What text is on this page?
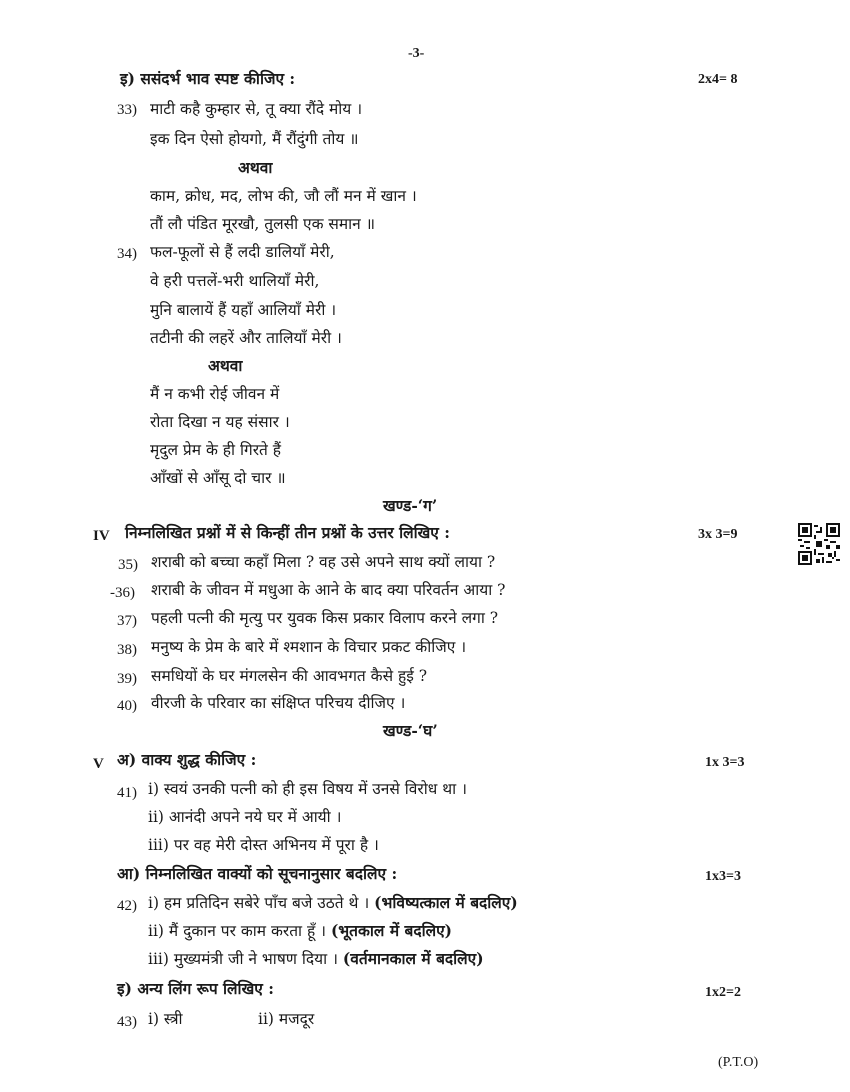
-3-
इ) ससंदर्भ भाव स्पष्ट कीजिए :	2x4= 8
33) माटी कहै कुम्हार से, तू क्या रौंदे मोय ।
इक दिन ऐसो होयगो, मैं रौंदुंगी तोय ॥
अथवा
काम, क्रोध, मद, लोभ की, जौ लौं मन में खान ।
तौं लौ पंडित मूरखौ, तुलसी एक समान ॥
34) फल-फूलों से हैं लदी डालियाँ मेरी,
वे हरी पत्तलें-भरी थालियाँ मेरी,
मुनि बालायें हैं यहाँ आलियाँ मेरी ।
तटीनी की लहरें और तालियाँ मेरी ।
अथवा
मैं न कभी रोई जीवन में
रोता दिखा न यह संसार ।
मृदुल प्रेम के ही गिरते हैं
आँखों से आँसू दो चार ॥
खण्ड-‘ग’
IV निम्नलिखित प्रश्नों में से किन्हीं तीन प्रश्नों के उत्तर लिखिए :	3x 3=9
35) शराबी को बच्चा कहाँ मिला ? वह उसे अपने साथ क्यों लाया ?
-36) शराबी के जीवन में मधुआ के आने के बाद क्या परिवर्तन आया ?
37) पहली पत्नी की मृत्यु पर युवक किस प्रकार विलाप करने लगा ?
38) मनुष्य के प्रेम के बारे में श्मशान के विचार प्रकट कीजिए ।
39) समधियों के घर मंगलसेन की आवभगत कैसे हुई ?
40) वीरजी के परिवार का संक्षिप्त परिचय दीजिए ।
खण्ड-‘घ’
V अ) वाक्य शुद्ध कीजिए :	1x 3=3
41) i) स्वयं उनकी पत्नी को ही इस विषय में उनसे विरोध था ।
ii) आनंदी अपने नये घर में आयी ।
iii) पर वह मेरी दोस्त अभिनय में पूरा है ।
आ) निम्नलिखित वाक्यों को सूचनानुसार बदलिए :	1x3=3
42) i) हम प्रतिदिन सबेरे पाँच बजे उठते थे । (भविष्यत्काल में बदलिए)
ii) मैं दुकान पर काम करता हूँ । (भूतकाल में बदलिए)
iii) मुख्यमंत्री जी ने भाषण दिया । (वर्तमानकाल में बदलिए)
इ) अन्य लिंग रूप लिखिए :	1x2=2
43) i) स्त्री	ii) मजदूर
(P.T.O)
